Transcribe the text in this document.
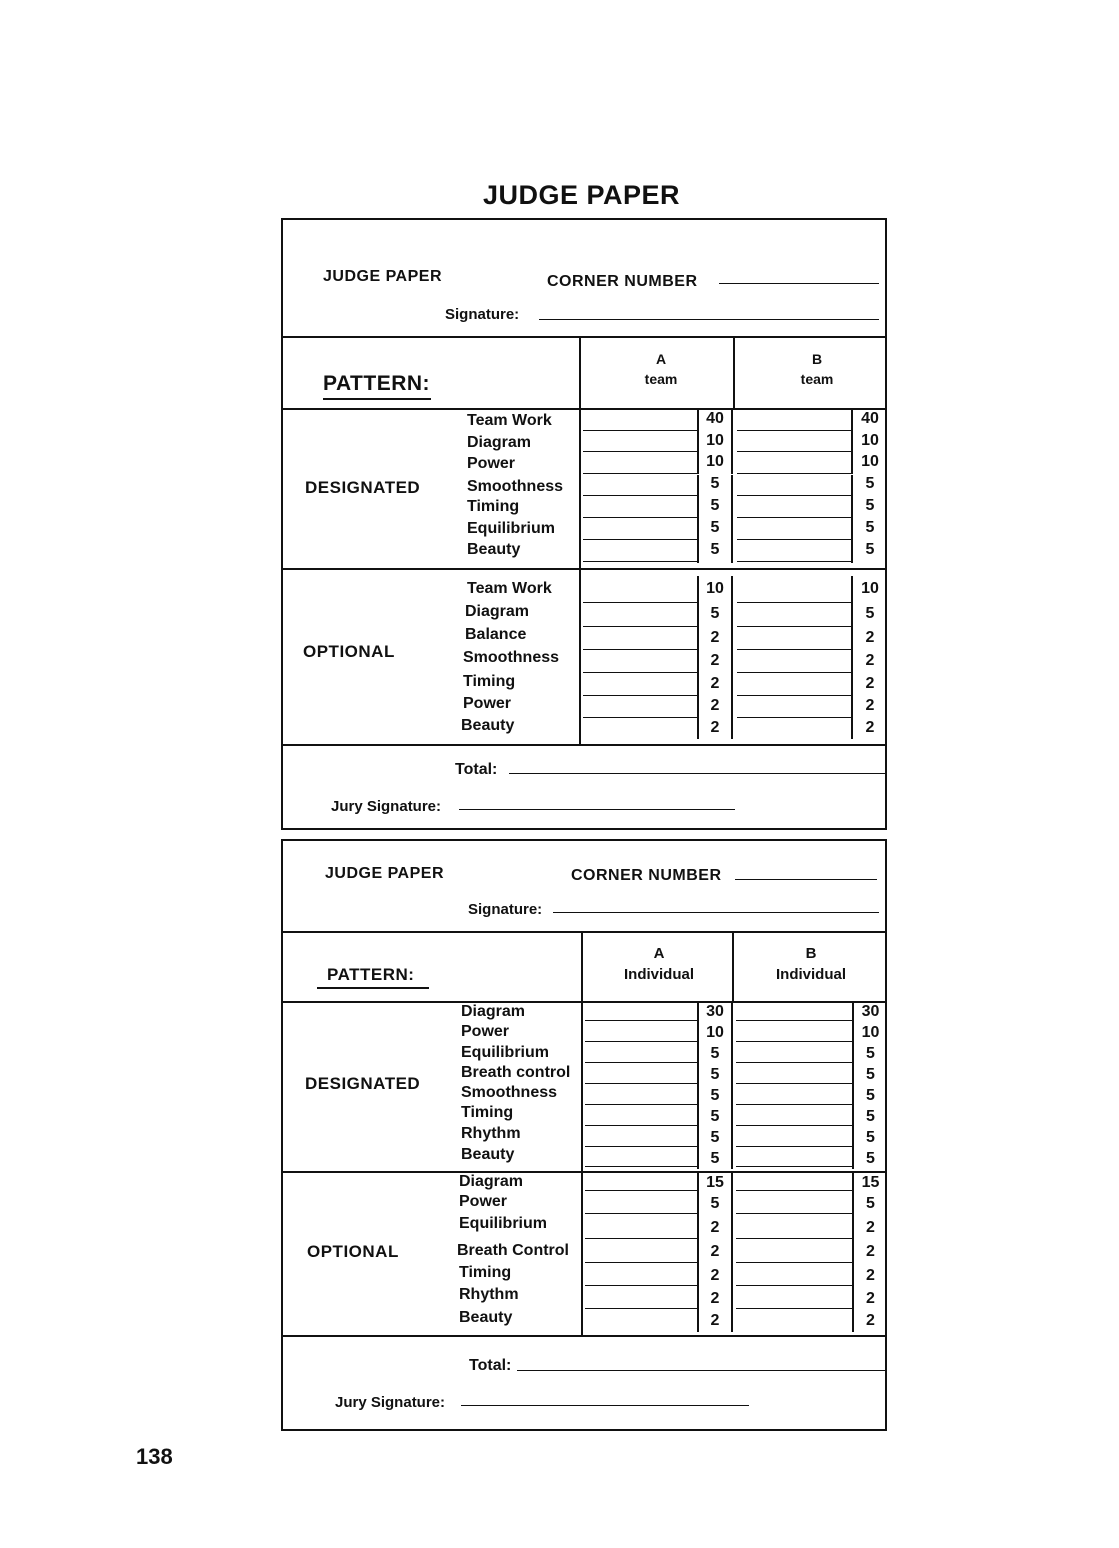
JUDGE PAPER
JUDGE PAPER	CORNER NUMBER
Signature:
PATTERN:
A
team
B
team
DESIGNATED
Team Work
Diagram
Power
Smoothness
Timing
Equilibrium
Beauty
40
10
10
5
5
5
5
40
10
10
5
5
5
5
OPTIONAL
Team Work
Diagram
Balance
Smoothness
Timing
Power
Beauty
10
5
2
2
2
2
2
10
5
2
2
2
2
2
Total:
Jury Signature:
JUDGE PAPER	CORNER NUMBER
Signature:
PATTERN:
A
Individual
B
Individual
DESIGNATED
Diagram
Power
Equilibrium
Breath control
Smoothness
Timing
Rhythm
Beauty
30
10
5
5
5
5
5
5
30
10
5
5
5
5
5
5
OPTIONAL
Diagram
Power
Equilibrium
Breath Control
Timing
Rhythm
Beauty
15
5
2
2
2
2
2
15
5
2
2
2
2
2
Total:
Jury Signature:
138
